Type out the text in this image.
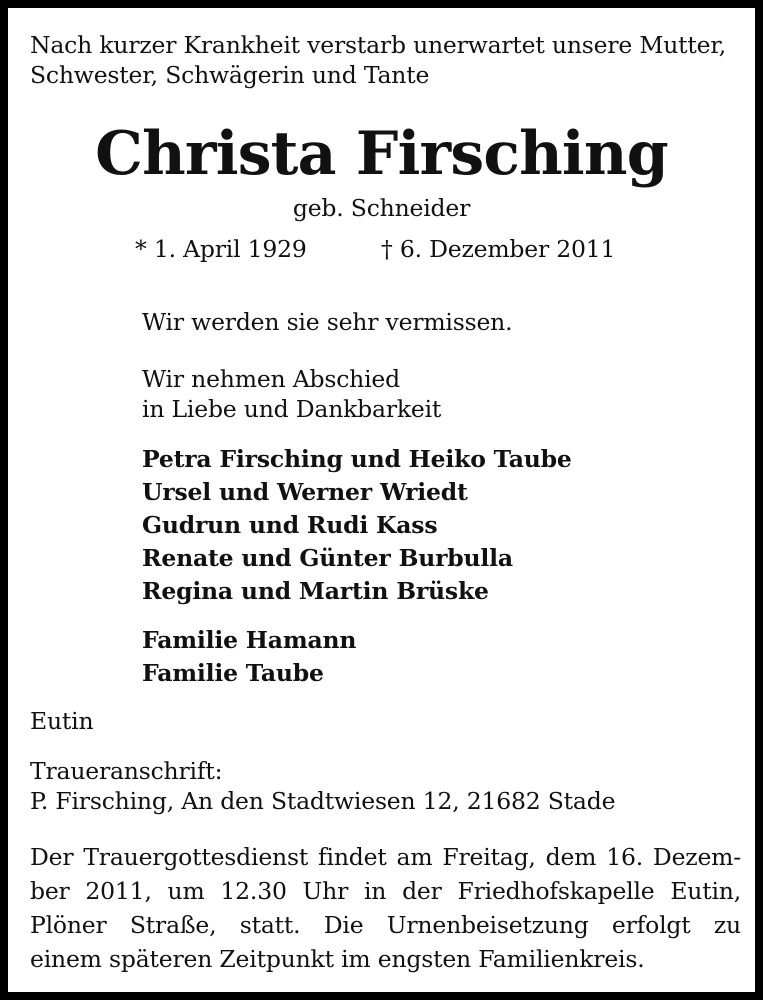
Nach kurzer Krankheit verstarb unerwartet unsere Mutter,
Schwester, Schwägerin und Tante
Christa Firsching
geb. Schneider
* 1. April 1929	† 6. Dezember 2011
Wir werden sie sehr vermissen.
Wir nehmen Abschied
in Liebe und Dankbarkeit
Petra Firsching und Heiko Taube
Ursel und Werner Wriedt
Gudrun und Rudi Kass
Renate und Günter Burbulla
Regina und Martin Brüske
Familie Hamann
Familie Taube
Eutin
Traueranschrift:
P. Firsching, An den Stadtwiesen 12, 21682 Stade
Der Trauergottesdienst findet am Freitag, dem 16. Dezem-
ber 2011, um 12.30 Uhr in der Friedhofskapelle Eutin,
Plöner Straße, statt. Die Urnenbeisetzung erfolgt zu
einem späteren Zeitpunkt im engsten Familienkreis.
